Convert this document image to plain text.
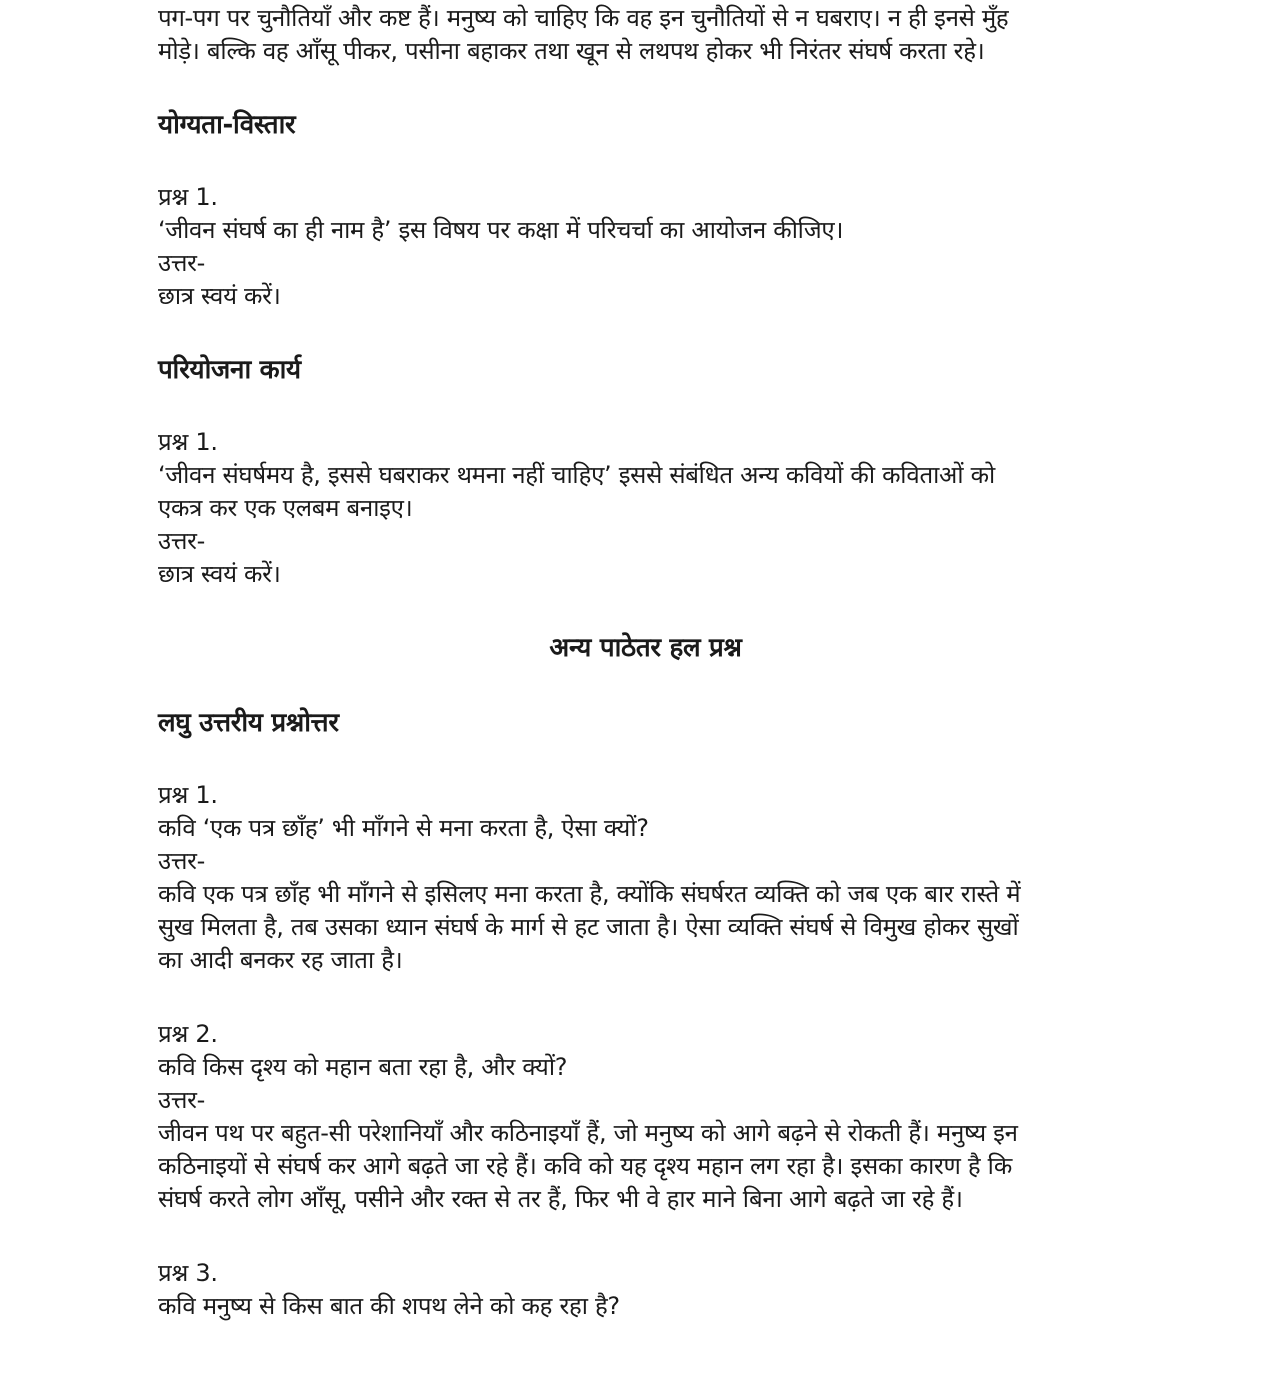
पग-पग पर चुनौतियाँ और कष्ट हैं। मनुष्य को चाहिए कि वह इन चुनौतियों से न घबराए। न ही इनसे मुँह
मोड़े। बल्कि वह आँसू पीकर, पसीना बहाकर तथा खून से लथपथ होकर भी निरंतर संघर्ष करता रहे।

योग्यता-विस्तार
प्रश्न 1.
‘जीवन संघर्ष का ही नाम है’ इस विषय पर कक्षा में परिचर्चा का आयोजन कीजिए।
उत्तर-
छात्र स्वयं करें।
परियोजना कार्य
प्रश्न 1.
‘जीवन संघर्षमय है, इससे घबराकर थमना नहीं चाहिए’ इससे संबंधित अन्य कवियों की कविताओं को
एकत्र कर एक एलबम बनाइए।
उत्तर-
छात्र स्वयं करें।
अन्य पाठेतर हल प्रश्न
लघु उत्तरीय प्रश्नोत्तर
प्रश्न 1.
कवि ‘एक पत्र छाँह’ भी माँगने से मना करता है, ऐसा क्यों?
उत्तर-
कवि एक पत्र छाँह भी माँगने से इसिलए मना करता है, क्योंकि संघर्षरत व्यक्ति को जब एक बार रास्ते में
सुख मिलता है, तब उसका ध्यान संघर्ष के मार्ग से हट जाता है। ऐसा व्यक्ति संघर्ष से विमुख होकर सुखों
का आदी बनकर रह जाता है।
प्रश्न 2.
कवि किस दृश्य को महान बता रहा है, और क्यों?
उत्तर-
जीवन पथ पर बहुत-सी परेशानियाँ और कठिनाइयाँ हैं, जो मनुष्य को आगे बढ़ने से रोकती हैं। मनुष्य इन
कठिनाइयों से संघर्ष कर आगे बढ़ते जा रहे हैं। कवि को यह दृश्य महान लग रहा है। इसका कारण है कि
संघर्ष करते लोग आँसू, पसीने और रक्त से तर हैं, फिर भी वे हार माने बिना आगे बढ़ते जा रहे हैं।
प्रश्न 3.
कवि मनुष्य से किस बात की शपथ लेने को कह रहा है?
